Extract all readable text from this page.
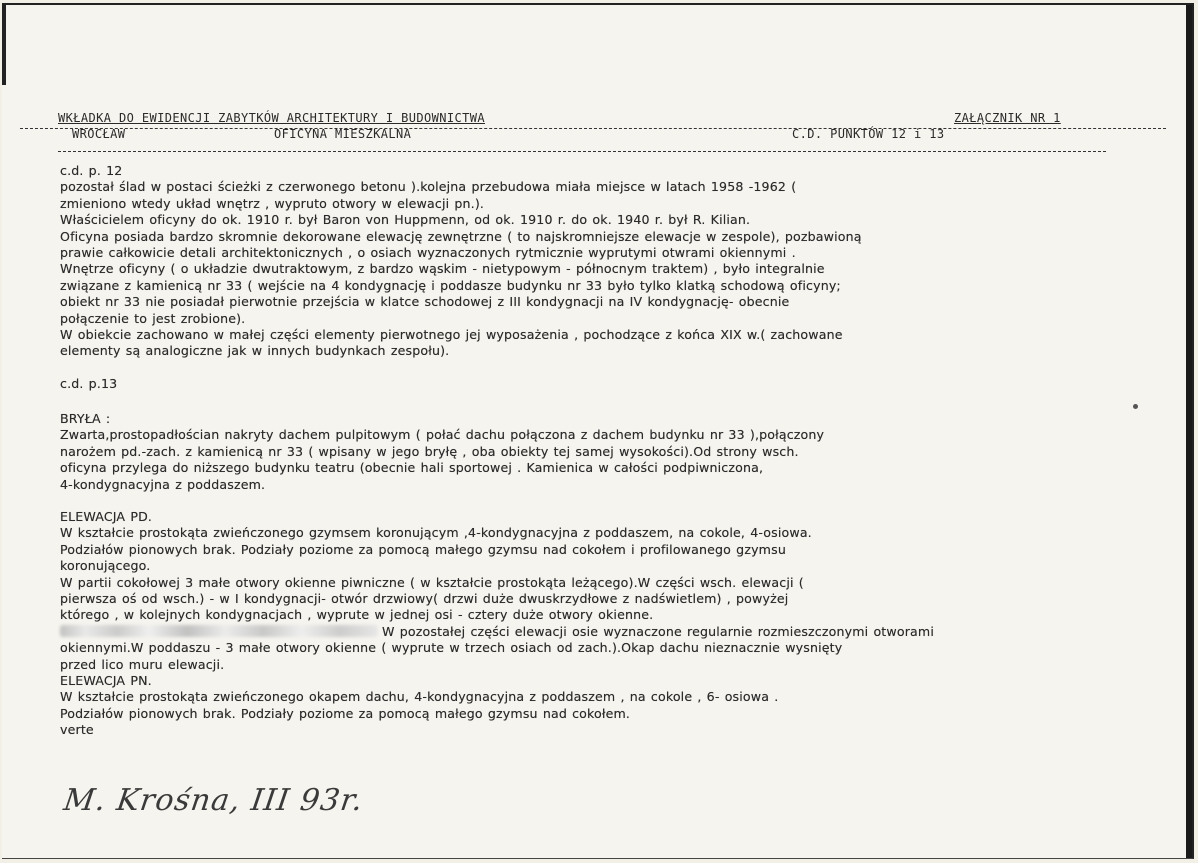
WKŁADKA DO EWIDENCJI ZABYTKÓW ARCHITEKTURY I BUDOWNICTWA	ZAŁĄCZNIK NR 1
WROCŁAW	OFICYNA MIESZKALNA	C.D. PUNKTÓW 12 i 13
c.d. p. 12
pozostał ślad w postaci ścieżki z czerwonego betonu ).kolejna przebudowa miała miejsce w latach 1958 -1962 (
zmieniono wtedy układ wnętrz , wypruto otwory w elewacji pn.).
Właścicielem oficyny do ok. 1910 r. był Baron von Huppmenn, od ok. 1910 r. do ok. 1940 r. był R. Kilian.
Oficyna posiada bardzo skromnie dekorowane elewację zewnętrzne ( to najskromniejsze elewacje w zespole), pozbawioną
prawie całkowicie detali architektonicznych , o osiach wyznaczonych rytmicznie wyprutymi otwrami okiennymi .
Wnętrze oficyny ( o układzie dwutraktowym, z bardzo wąskim - nietypowym - północnym traktem) , było integralnie
związane z kamienicą nr 33 ( wejście na 4 kondygnację i poddasze budynku nr 33 było tylko klatką schodową oficyny;
obiekt nr 33 nie posiadał pierwotnie przejścia w klatce schodowej z III kondygnacji na IV kondygnację- obecnie
połączenie to jest zrobione).
W obiekcie zachowano w małej części elementy pierwotnego jej wyposażenia , pochodzące z końca XIX w.( zachowane
elementy są analogiczne jak w innych budynkach zespołu).
c.d. p.13
BRYŁA :
Zwarta,prostopadłościan nakryty dachem pulpitowym ( połać dachu połączona z dachem budynku nr 33 ),połączony
narożem pd.-zach. z kamienicą nr 33 ( wpisany w jego bryłę , oba obiekty tej samej wysokości).Od strony wsch.
oficyna przylega do niższego budynku teatru (obecnie hali sportowej . Kamienica w całości podpiwniczona,
4-kondygnacyjna z poddaszem.
ELEWACJA PD.
W kształcie prostokąta zwieńczonego gzymsem koronującym ,4-kondygnacyjna z poddaszem, na cokole, 4-osiowa.
Podziałów pionowych brak. Podziały poziome za pomocą małego gzymsu nad cokołem i profilowanego gzymsu
koronującego.
W partii cokołowej 3 małe otwory okienne piwniczne ( w kształcie prostokąta leżącego).W części wsch. elewacji (
pierwsza oś od wsch.) - w I kondygnacji- otwór drzwiowy( drzwi duże dwuskrzydłowe z nadświetlem) , powyżej
którego , w kolejnych kondygnacjach , wyprute w jednej osi - cztery duże otwory okienne.
W pozostałej części elewacji osie wyznaczone regularnie rozmieszczonymi otworami
okiennymi.W poddaszu - 3 małe otwory okienne ( wyprute w trzech osiach od zach.).Okap dachu nieznacznie wysnięty
przed lico muru elewacji.
ELEWACJA PN.
W kształcie prostokąta zwieńczonego okapem dachu, 4-kondygnacyjna z poddaszem , na cokole , 6- osiowa .
Podziałów pionowych brak. Podziały poziome za pomocą małego gzymsu nad cokołem.
verte
M. Krośna, III 93r.
